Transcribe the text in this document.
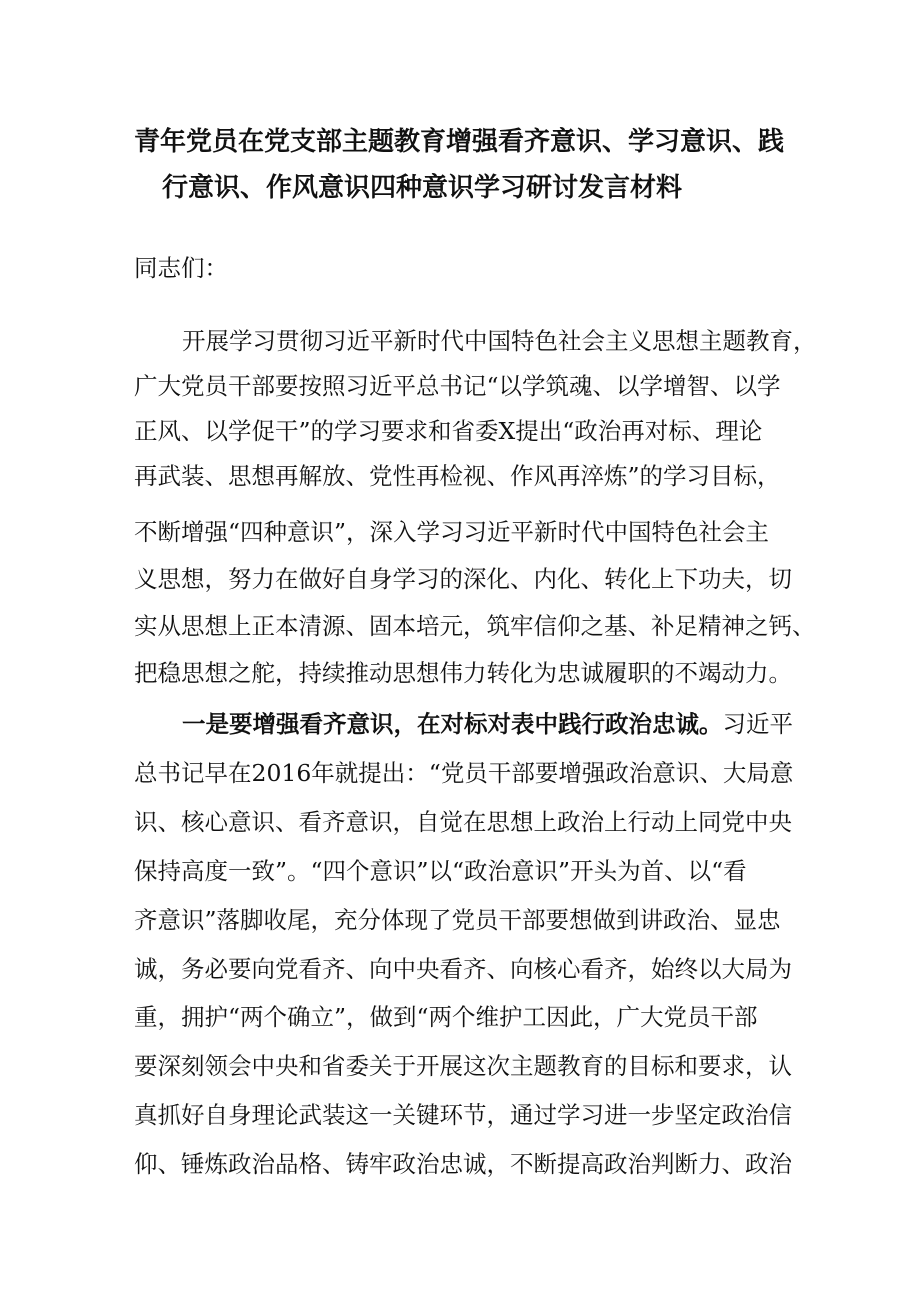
青年党员在党支部主题教育增强看齐意识、学习意识、践
行意识、作风意识四种意识学习研讨发言材料

同志们：

开展学习贯彻习近平新时代中国特色社会主义思想主题教育，

广大党员干部要按照习近平总书记“以学筑魂、以学增智、以学

正风、以学促干”的学习要求和省委X提出“政治再对标、理论

再武装、思想再解放、党性再检视、作风再淬炼”的学习目标，

不断增强“四种意识”，深入学习习近平新时代中国特色社会主

义思想，努力在做好自身学习的深化、内化、转化上下功夫，切

实从思想上正本清源、固本培元，筑牢信仰之基、补足精神之钙、

把稳思想之舵，持续推动思想伟力转化为忠诚履职的不竭动力。

一是要增强看齐意识，在对标对表中践行政治忠诚。习近平

总书记早在2016年就提出：“党员干部要增强政治意识、大局意

识、核心意识、看齐意识，自觉在思想上政治上行动上同党中央

保持高度一致”。“四个意识”以“政治意识”开头为首、以“看

齐意识”落脚收尾，充分体现了党员干部要想做到讲政治、显忠

诚，务必要向党看齐、向中央看齐、向核心看齐，始终以大局为

重，拥护“两个确立”，做到“两个维护工因此，广大党员干部

要深刻领会中央和省委关于开展这次主题教育的目标和要求，认

真抓好自身理论武装这一关键环节，通过学习进一步坚定政治信

仰、锤炼政治品格、铸牢政治忠诚，不断提高政治判断力、政治
